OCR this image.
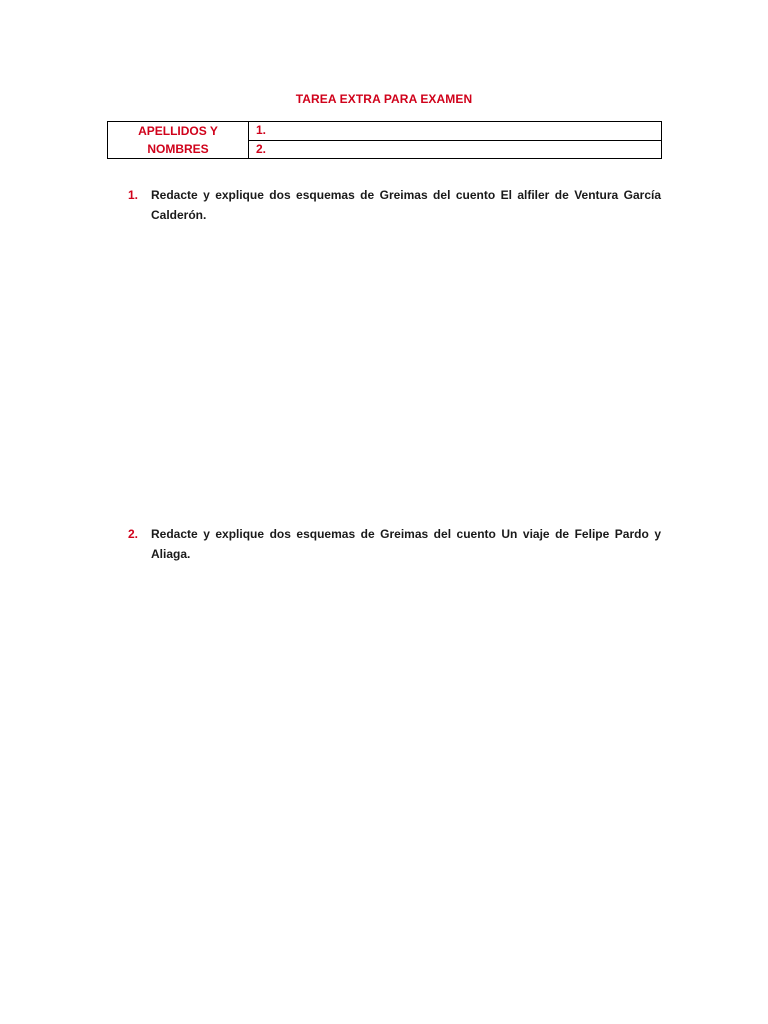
TAREA EXTRA PARA EXAMEN
APELLIDOS Y NOMBRES	1.
2.
1. Redacte y explique dos esquemas de Greimas del cuento El alfiler de Ventura García Calderón.
2. Redacte y explique dos esquemas de Greimas del cuento Un viaje de Felipe Pardo y Aliaga.
